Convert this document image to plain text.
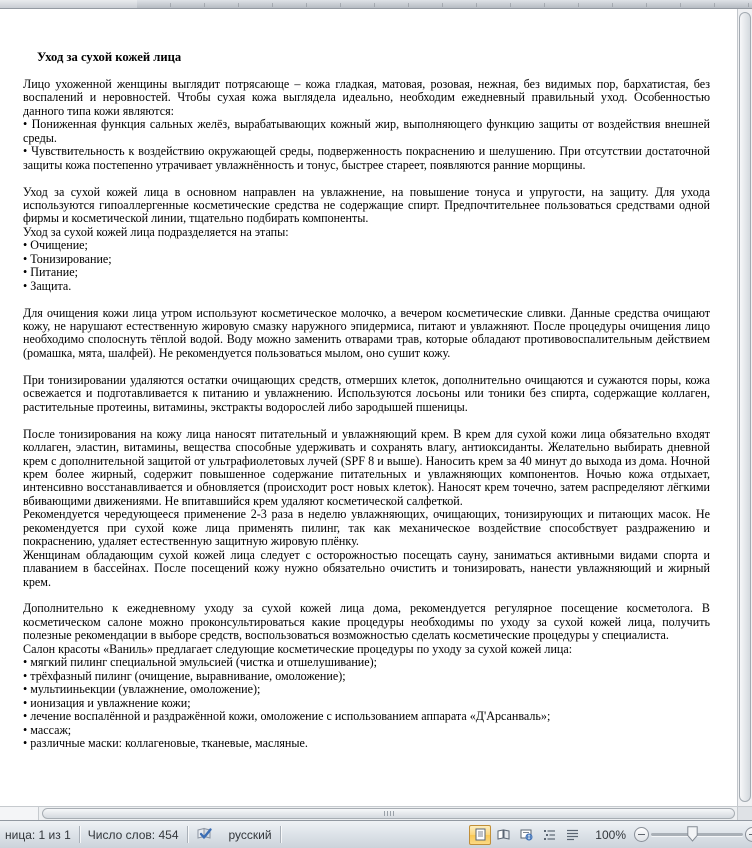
Уход за сухой кожей лица

Лицо ухоженной женщины выглядит потрясающе – кожа гладкая, матовая, розовая, нежная, без видимых пор, бархатистая, без воспалений и неровностей. Чтобы сухая кожа выглядела идеально, необходим ежедневный правильный уход. Особенностью данного типа кожи являются:

• Пониженная функция сальных желёз, вырабатывающих кожный жир, выполняющего функцию защиты от воздействия внешней среды.

• Чувствительность к воздействию окружающей среды, подверженность покраснению и шелушению. При отсутствии достаточной защиты кожа постепенно утрачивает увлажнённость и тонус, быстрее стареет, появляются ранние морщины.

Уход за сухой кожей лица в основном направлен на увлажнение, на повышение тонуса и упругости, на защиту. Для ухода используются гипоаллергенные косметические средства не содержащие спирт. Предпочтительнее пользоваться средствами одной фирмы и косметической линии, тщательно подбирать компоненты.

Уход за сухой кожей лица подразделяется на этапы:

• Очищение;

• Тонизирование;

• Питание;

• Защита.

Для очищения кожи лица утром используют косметическое молочко, а вечером косметические сливки. Данные средства очищают кожу, не нарушают естественную жировую смазку наружного эпидермиса, питают и увлажняют. После процедуры очищения лицо необходимо сполоснуть тёплой водой. Воду можно заменить отварами трав, которые обладают противовоспалительным действием (ромашка, мята, шалфей). Не рекомендуется пользоваться мылом, оно сушит кожу.

При тонизировании удаляются остатки очищающих средств, отмерших клеток, дополнительно очищаются и сужаются поры, кожа освежается и подготавливается к питанию и увлажнению. Используются лосьоны или тоники без спирта, содержащие коллаген, растительные протеины, витамины, экстракты водорослей либо зародышей пшеницы.

После тонизирования на кожу лица наносят питательный и увлажняющий крем. В крем для сухой кожи лица обязательно входят коллаген, эластин, витамины, вещества способные удерживать и сохранять влагу, антиоксиданты. Желательно выбирать дневной крем с дополнительной защитой от ультрафиолетовых лучей (SPF 8 и выше). Наносить крем за 40 минут до выхода из дома. Ночной крем более жирный, содержит повышенное содержание питательных и увлажняющих компонентов. Ночью кожа отдыхает, интенсивно восстанавливается и обновляется (происходит рост новых клеток). Наносят крем точечно, затем распределяют лёгкими вбивающими движениями. Не впитавшийся крем удаляют косметической салфеткой.

Рекомендуется чередующееся применение 2-3 раза в неделю увлажняющих, очищающих, тонизирующих и питающих масок. Не рекомендуется при сухой коже лица применять пилинг, так как механическое воздействие способствует раздражению и покраснению, удаляет естественную защитную жировую плёнку.

Женщинам обладающим сухой кожей лица следует с осторожностью посещать сауну, заниматься активными видами спорта и плаванием в бассейнах. После посещений кожу нужно обязательно очистить и тонизировать, нанести увлажняющий и жирный крем.

Дополнительно к ежедневному уходу за сухой кожей лица дома, рекомендуется регулярное посещение косметолога. В косметическом салоне можно проконсультироваться какие процедуры необходимы по уходу за сухой кожей лица, получить полезные рекомендации в выборе средств, воспользоваться возможностью сделать косметические процедуры у специалиста.

Салон красоты «Ваниль» предлагает следующие косметические процедуры по уходу за сухой кожей лица:

• мягкий пилинг специальной эмульсией (чистка и отшелушивание);

• трёхфазный пилинг (очищение, выравнивание, омоложение);

• мультииньекции (увлажнение, омоложение);

• ионизация и увлажнение кожи;

• лечение воспалённой и раздражённой кожи, омоложение с использованием аппарата «Д'Арсанваль»;

• массаж;

• различные маски: коллагеновые, тканевые, масляные.

ница: 1 из 1 Число слов: 454	русский	100%
